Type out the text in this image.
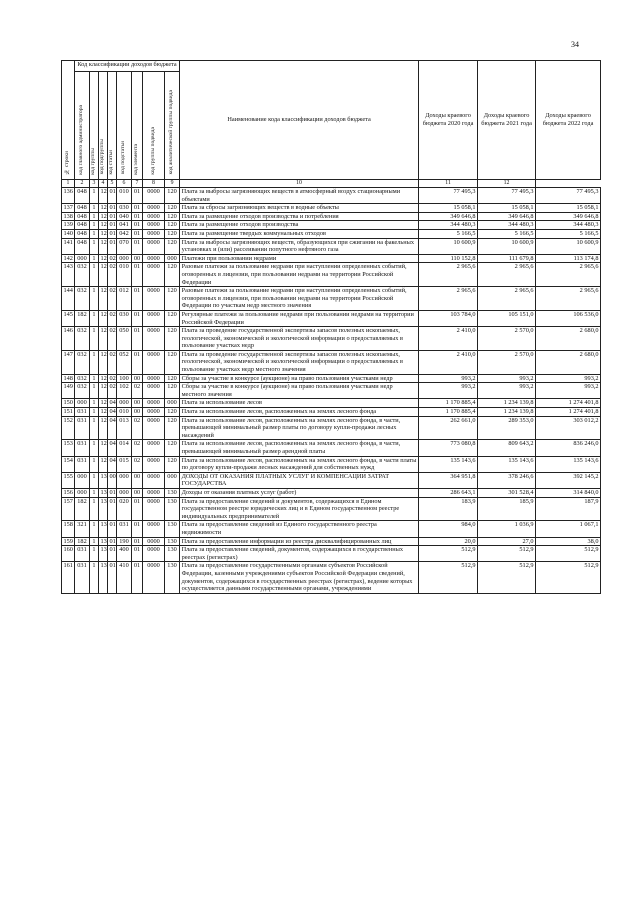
34
№ строки	Код классификации доходов бюджета								Наименование кода классификации доходов бюджета	Доходы краевого бюджета 2020 года	Доходы краевого бюджета 2021 года	Доходы краевого бюджета 2022 года
	код главного администратора	код группы	код подгруппы	код статьи	код подстатьи	код элемента	код группы подвида	код аналитической группы подвида				
1	2	3	4	5	6	7	8	9	10	11	12	
136	048	1	12	01	010	01	0000	120	Плата за выбросы загрязняющих веществ в атмосферный воздух стационарными объектами	77 495,3	77 495,3	77 495,3
137	048	1	12	01	030	01	0000	120	Плата за сбросы загрязняющих веществ в водные объекты	15 058,1	15 058,1	15 058,1
138	048	1	12	01	040	01	0000	120	Плата за размещение отходов производства и потребления	349 646,8	349 646,8	349 646,8
139	048	1	12	01	041	01	0000	120	Плата за размещение отходов производства	344 480,3	344 480,3	344 480,3
140	048	1	12	01	042	01	0000	120	Плата за размещение твердых коммунальных отходов	5 166,5	5 166,5	5 166,5
141	048	1	12	01	070	01	0000	120	Плата за выбросы загрязняющих веществ, образующихся при сжигании на факельных установках и (или) рассеивании попутного нефтяного газа	10 600,9	10 600,9	10 600,9
142	000	1	12	02	000	00	0000	000	Платежи при пользовании недрами	110 152,8	111 679,8	113 174,8
143	032	1	12	02	010	01	0000	120	Разовые платежи за пользование недрами при наступлении определенных событий, оговоренных в лицензии, при пользовании недрами на территории Российской Федерации	2 965,6	2 965,6	2 965,6
144	032	1	12	02	012	01	0000	120	Разовые платежи за пользование недрами при наступлении определенных событий, оговоренных в лицензии, при пользовании недрами на территории Российской Федерации по участкам недр местного значения	2 965,6	2 965,6	2 965,6
145	182	1	12	02	030	01	0000	120	Регулярные платежи за пользование недрами при пользовании недрами на территории Российской Федерации	103 784,0	105 151,0	106 536,0
146	032	1	12	02	050	01	0000	120	Плата за проведение государственной экспертизы запасов полезных ископаемых, геологической, экономической и экологической информации о предоставляемых в пользование участках недр	2 410,0	2 570,0	2 680,0
147	032	1	12	02	052	01	0000	120	Плата за проведение государственной экспертизы запасов полезных ископаемых, геологической, экономической и экологической информации о предоставляемых в пользование участках недр местного значения	2 410,0	2 570,0	2 680,0
148	032	1	12	02	100	00	0000	120	Сборы за участие в конкурсе (аукционе) на право пользования участками недр	993,2	993,2	993,2
149	032	1	12	02	102	02	0000	120	Сборы за участие в конкурсе (аукционе) на право пользования участками недр местного значения	993,2	993,2	993,2
150	000	1	12	04	000	00	0000	000	Плата за использование лесов	1 170 885,4	1 234 139,8	1 274 401,8
151	031	1	12	04	010	00	0000	120	Плата за использование лесов, расположенных на землях лесного фонда	1 170 885,4	1 234 139,8	1 274 401,8
152	031	1	12	04	013	02	0000	120	Плата за использование лесов, расположенных на землях лесного фонда, в части, превышающей минимальный размер платы по договору купли-продажи лесных насаждений	262 661,0	289 353,0	303 012,2
153	031	1	12	04	014	02	0000	120	Плата за использование лесов, расположенных на землях лесного фонда, в части, превышающей минимальный размер арендной платы	773 080,8	809 643,2	836 246,0
154	031	1	12	04	015	02	0000	120	Плата за использование лесов, расположенных на землях лесного фонда, в части платы по договору купли-продажи лесных насаждений для собственных нужд	135 143,6	135 143,6	135 143,6
155	000	1	13	00	000	00	0000	000	ДОХОДЫ ОТ ОКАЗАНИЯ ПЛАТНЫХ УСЛУГ И КОМПЕНСАЦИИ ЗАТРАТ ГОСУДАРСТВА	364 951,8	378 246,6	392 145,2
156	000	1	13	01	000	00	0000	130	Доходы от оказания платных услуг (работ)	286 643,1	301 528,4	314 840,0
157	182	1	13	01	020	01	0000	130	Плата за предоставление сведений и документов, содержащихся в Едином государственном реестре юридических лиц и в Едином государственном реестре индивидуальных предпринимателей	183,9	185,9	187,9
158	321	1	13	01	031	01	0000	130	Плата за предоставление сведений из Единого государственного реестра недвижимости	984,0	1 036,9	1 067,1
159	182	1	13	01	190	01	0000	130	Плата за предоставление информации из реестра дисквалифицированных лиц	20,0	27,0	38,0
160	031	1	13	01	400	01	0000	130	Плата за предоставление сведений, документов, содержащихся в государственных реестрах (регистрах)	512,9	512,9	512,9
161	031	1	13	01	410	01	0000	130	Плата за предоставление государственными органами субъектов Российской Федерации, казенными учреждениями субъектов Российской Федерации сведений, документов, содержащихся в государственных реестрах (регистрах), ведение которых осуществляется данными государственными органами, учреждениями	512,9	512,9	512,9
